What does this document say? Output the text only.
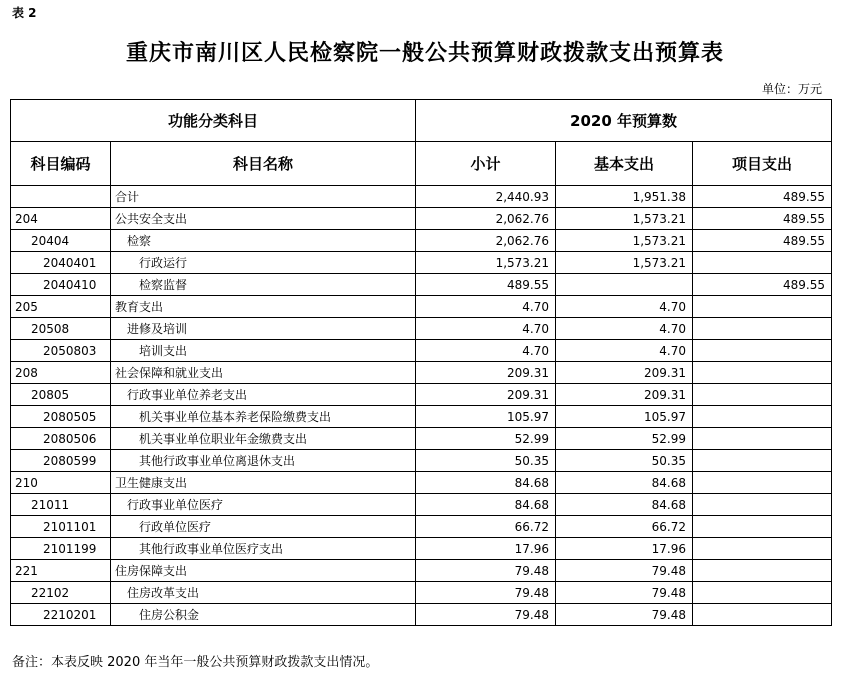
表 2
重庆市南川区人民检察院一般公共预算财政拨款支出预算表
单位：万元
功能分类科目		2020 年预算数		
科目编码	科目名称	小计	基本支出	项目支出
	合计	2,440.93	1,951.38	489.55
204	公共安全支出	2,062.76	1,573.21	489.55
20404	检察	2,062.76	1,573.21	489.55
2040401	行政运行	1,573.21	1,573.21	
2040410	检察监督	489.55		489.55
205	教育支出	4.70	4.70	
20508	进修及培训	4.70	4.70	
2050803	培训支出	4.70	4.70	
208	社会保障和就业支出	209.31	209.31	
20805	行政事业单位养老支出	209.31	209.31	
2080505	机关事业单位基本养老保险缴费支出	105.97	105.97	
2080506	机关事业单位职业年金缴费支出	52.99	52.99	
2080599	其他行政事业单位离退休支出	50.35	50.35	
210	卫生健康支出	84.68	84.68	
21011	行政事业单位医疗	84.68	84.68	
2101101	行政单位医疗	66.72	66.72	
2101199	其他行政事业单位医疗支出	17.96	17.96	
221	住房保障支出	79.48	79.48	
22102	住房改革支出	79.48	79.48	
2210201	住房公积金	79.48	79.48	
备注：本表反映 2020 年当年一般公共预算财政拨款支出情况。
